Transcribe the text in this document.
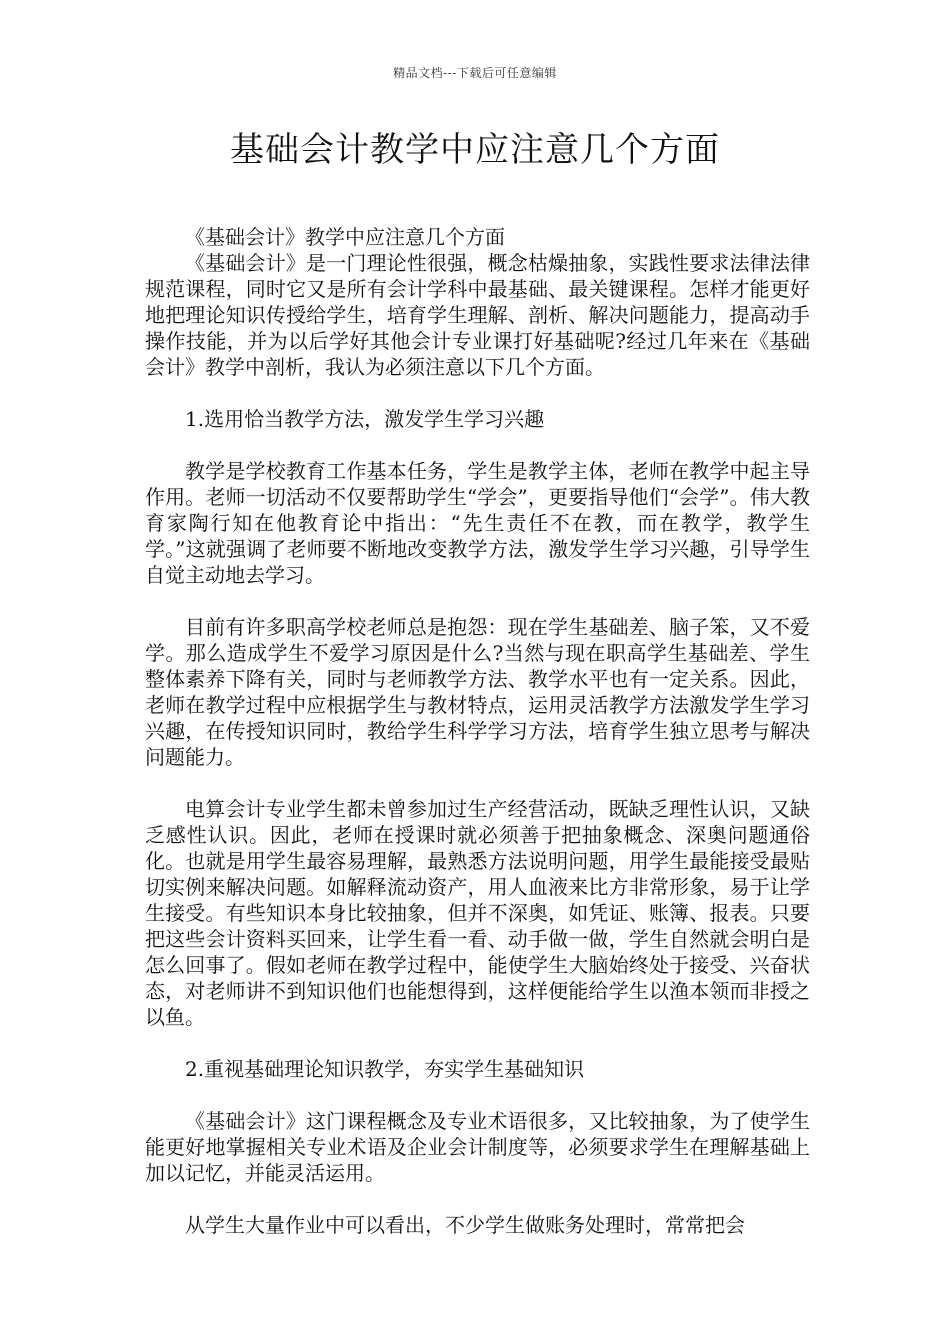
精品文档---下载后可任意编辑
基础会计教学中应注意几个方面

《基础会计》教学中应注意几个方面

《基础会计》是一门理论性很强，概念枯燥抽象，实践性要求法律法律规范课程，同时它又是所有会计学科中最基础、最关键课程。怎样才能更好地把理论知识传授给学生，培育学生理解、剖析、解决问题能力，提高动手操作技能，并为以后学好其他会计专业课打好基础呢?经过几年来在《基础会计》教学中剖析，我认为必须注意以下几个方面。

1.选用恰当教学方法，激发学生学习兴趣

教学是学校教育工作基本任务，学生是教学主体，老师在教学中起主导作用。老师一切活动不仅要帮助学生“学会”，更要指导他们“会学”。伟大教育家陶行知在他教育论中指出：“先生责任不在教，而在教学，教学生学。”这就强调了老师要不断地改变教学方法，激发学生学习兴趣，引导学生自觉主动地去学习。

目前有许多职高学校老师总是抱怨：现在学生基础差、脑子笨，又不爱学。那么造成学生不爱学习原因是什么?当然与现在职高学生基础差、学生整体素养下降有关，同时与老师教学方法、教学水平也有一定关系。因此，老师在教学过程中应根据学生与教材特点，运用灵活教学方法激发学生学习兴趣，在传授知识同时，教给学生科学学习方法，培育学生独立思考与解决问题能力。

电算会计专业学生都未曾参加过生产经营活动，既缺乏理性认识，又缺乏感性认识。因此，老师在授课时就必须善于把抽象概念、深奥问题通俗化。也就是用学生最容易理解，最熟悉方法说明问题，用学生最能接受最贴切实例来解决问题。如解释流动资产，用人血液来比方非常形象，易于让学生接受。有些知识本身比较抽象，但并不深奥，如凭证、账簿、报表。只要把这些会计资料买回来，让学生看一看、动手做一做，学生自然就会明白是怎么回事了。假如老师在教学过程中，能使学生大脑始终处于接受、兴奋状态，对老师讲不到知识他们也能想得到，这样便能给学生以渔本领而非授之以鱼。

2.重视基础理论知识教学，夯实学生基础知识

《基础会计》这门课程概念及专业术语很多，又比较抽象，为了使学生能更好地掌握相关专业术语及企业会计制度等，必须要求学生在理解基础上加以记忆，并能灵活运用。

从学生大量作业中可以看出，不少学生做账务处理时，常常把会
